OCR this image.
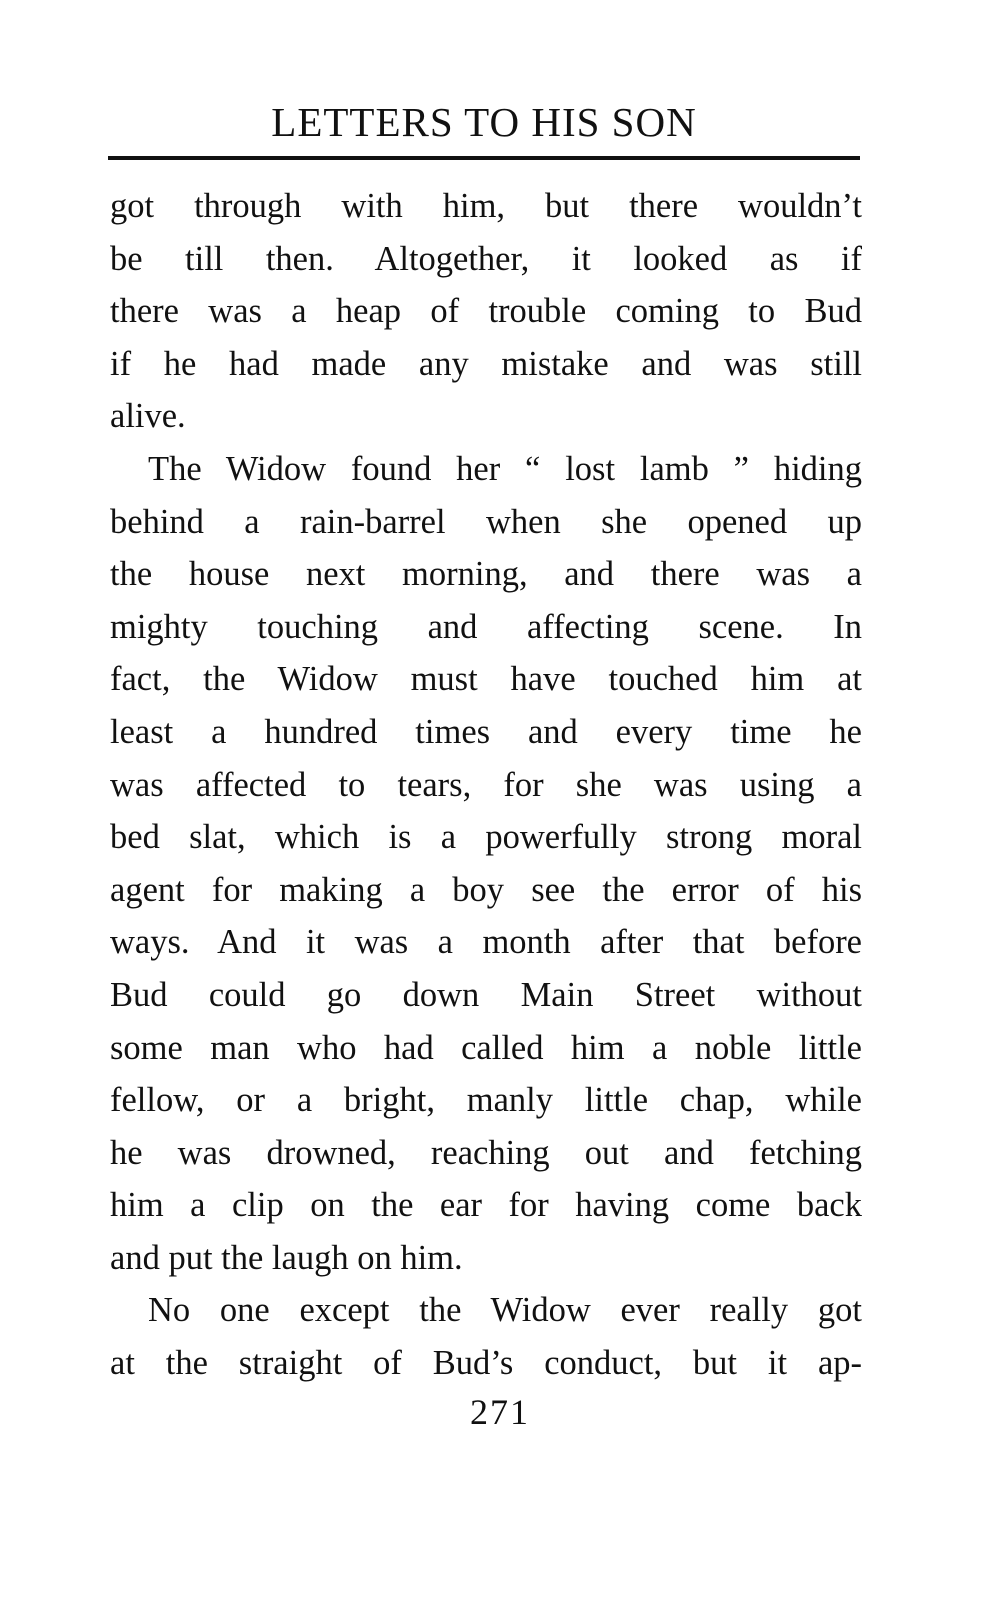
LETTERS TO HIS SON
got through with him, but there wouldn’t
be till then. Altogether, it looked as if
there was a heap of trouble coming to Bud
if he had made any mistake and was still
alive.
The Widow found her “ lost lamb ” hiding
behind a rain-barrel when she opened up
the house next morning, and there was a
mighty touching and affecting scene. In
fact, the Widow must have touched him at
least a hundred times and every time he
was affected to tears, for she was using a
bed slat, which is a powerfully strong moral
agent for making a boy see the error of his
ways. And it was a month after that before
Bud could go down Main Street without
some man who had called him a noble little
fellow, or a bright, manly little chap, while
he was drowned, reaching out and fetching
him a clip on the ear for having come back
and put the laugh on him.
No one except the Widow ever really got
at the straight of Bud’s conduct, but it ap-
271
